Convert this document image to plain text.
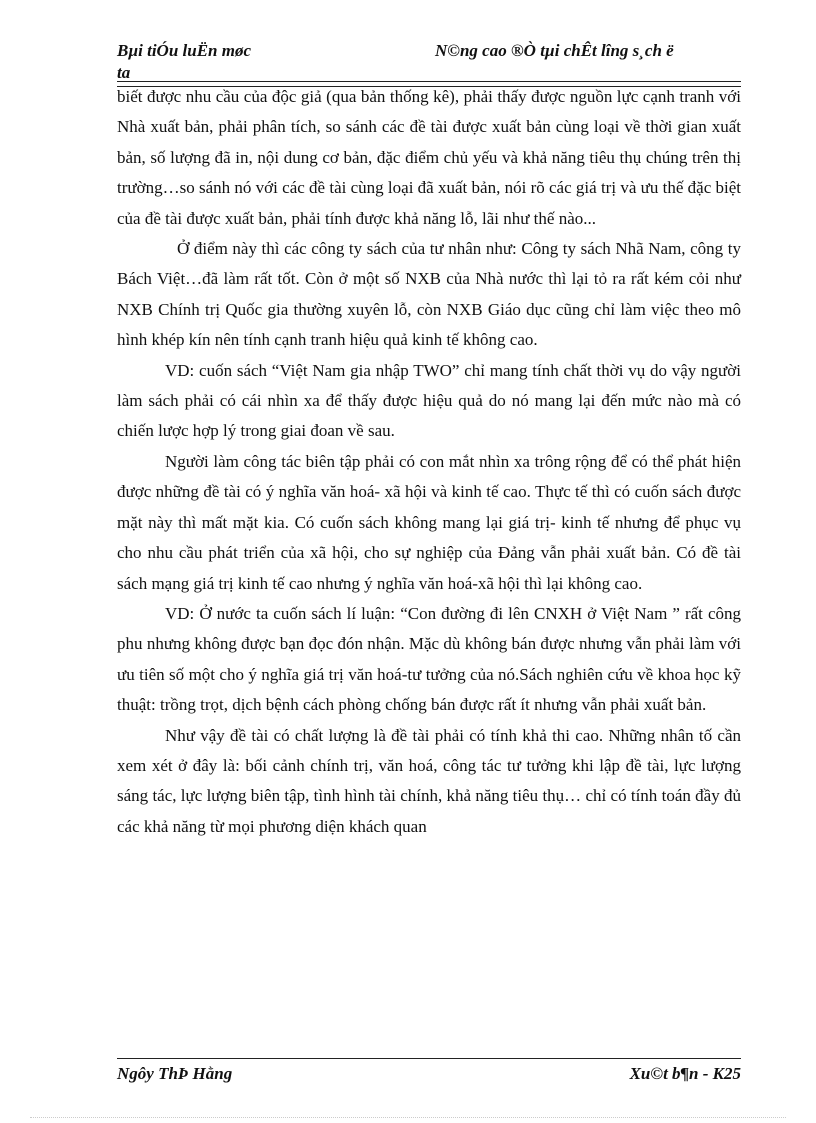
Bµi tiÓu luËn møc ta
N©ng cao ®Ò tµi chÊt lîng s¸ch ë

biết được nhu cầu của độc giả (qua bản thống kê), phải thấy được nguồn lực cạnh tranh với Nhà xuất bản, phải phân tích, so sánh các đề tài được xuất bản cùng loại về thời gian xuất bản, số lượng đã in, nội dung cơ bản, đặc điểm chủ yếu và khả năng tiêu thụ chúng trên thị trường…so sánh nó với các đề tài cùng loại đã xuất bản, nói rõ các giá trị và ưu thế đặc biệt của đề tài được xuất bản, phải tính được khả năng lỗ, lãi như thế nào...

Ở điểm này thì các công ty sách của tư nhân như: Công ty sách Nhã Nam, công ty Bách Việt…đã làm rất tốt. Còn ở một số NXB của Nhà nước thì lại tỏ ra rất kém cỏi như NXB Chính trị Quốc gia thường xuyên lỗ, còn NXB Giáo dục cũng chỉ làm việc theo mô hình khép kín nên tính cạnh tranh hiệu quả kinh tế không cao.

VD: cuốn sách “Việt Nam gia nhập TWO” chỉ mang tính chất thời vụ do vậy người làm sách phải có cái nhìn xa để thấy được hiệu quả do nó mang lại đến mức nào mà có chiến lược hợp lý trong giai đoan về sau.

Người làm công tác biên tập phải có con mắt nhìn xa trông rộng để có thể phát hiện được những đề tài có ý nghĩa văn hoá- xã hội và kinh tế cao. Thực tế thì có cuốn sách được mặt này thì mất mặt kia. Có cuốn sách không mang lại giá trị- kinh tế nhưng để phục vụ cho nhu cầu phát triển của xã hội, cho sự nghiệp của Đảng vẫn phải xuất bản. Có đề tài sách mạng giá trị kinh tế cao nhưng ý nghĩa văn hoá-xã hội thì lại không cao.

VD: Ở nước ta cuốn sách lí luận: “Con đường đi lên CNXH ở Việt Nam ” rất công phu nhưng không được bạn đọc đón nhận. Mặc dù không bán được nhưng vẫn phải làm với ưu tiên số một cho ý nghĩa giá trị văn hoá-tư tưởng của nó.Sách nghiên cứu về khoa học kỹ thuật: trồng trọt, dịch bệnh cách phòng chống bán được rất ít nhưng vẫn phải xuất bản.

Như vậy đề tài có chất lượng là đề tài phải có tính khả thi cao. Những nhân tố cần xem xét ở đây là: bối cảnh chính trị, văn hoá, công tác tư tưởng khi lập đề tài, lực lượng sáng tác, lực lượng biên tập, tình hình tài chính, khả năng tiêu thụ… chỉ có tính toán đầy đủ các khả năng từ mọi phương diện khách quan

Ngôy ThÞ Hằng	Xu©t b¶n - K25
